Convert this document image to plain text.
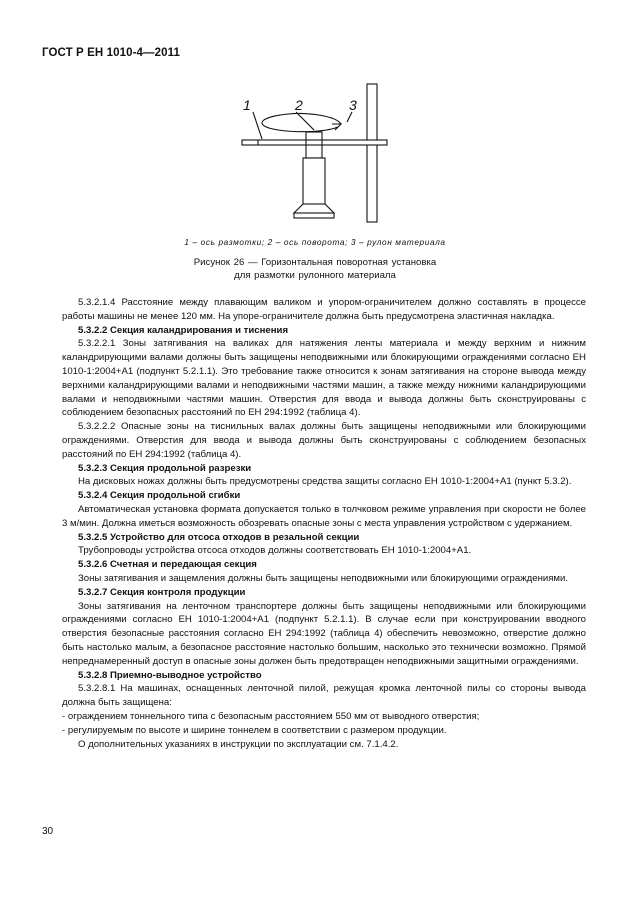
ГОСТ Р ЕН 1010-4—2011
1	2	3
1 – ось размотки; 2 – ось поворота; 3 – рулон материала
Рисунок 26 — Горизонтальная поворотная установка
для размотки рулонного материала

5.3.2.1.4 Расстояние между плавающим валиком и упором-ограничителем должно составлять в процессе работы машины не менее 120 мм. На упоре-ограничителе должна быть предусмотрена эластичная накладка.

5.3.2.2 Секция каландрирования и тиснения

5.3.2.2.1 Зоны затягивания на валиках для натяжения ленты материала и между верхним и нижним каландрирующими валами должны быть защищены неподвижными или блокирующими ограждениями согласно ЕН 1010-1:2004+A1 (подпункт 5.2.1.1). Это требование также относится к зонам затягивания на стороне вывода между верхними каландрирующими валами и неподвижными частями машин, а также между нижними каландрирующими валами и неподвижными частями машин. Отверстия для ввода и вывода должны быть сконструированы с соблюдением безопасных расстояний по ЕН 294:1992 (таблица 4).

5.3.2.2.2 Опасные зоны на тиснильных валах должны быть защищены неподвижными или блокирующими ограждениями. Отверстия для ввода и вывода должны быть сконструированы с соблюдением безопасных расстояний по ЕН 294:1992 (таблица 4).

5.3.2.3 Секция продольной разрезки

На дисковых ножах должны быть предусмотрены средства защиты согласно ЕН 1010-1:2004+A1 (пункт 5.3.2).

5.3.2.4 Секция продольной сгибки

Автоматическая установка формата допускается только в толчковом режиме управления при скорости не более 3 м/мин. Должна иметься возможность обозревать опасные зоны с места управления устройством с удержанием.

5.3.2.5 Устройство для отсоса отходов в резальной секции

Трубопроводы устройства отсоса отходов должны соответствовать ЕН 1010-1:2004+A1.

5.3.2.6 Счетная и передающая секция

Зоны затягивания и защемления должны быть защищены неподвижными или блокирующими ограждениями.

5.3.2.7 Секция контроля продукции

Зоны затягивания на ленточном транспортере должны быть защищены неподвижными или блокирующими ограждениями согласно ЕН 1010-1:2004+A1 (подпункт 5.2.1.1). В случае если при конструировании вводного отверстия безопасные расстояния согласно ЕН 294:1992 (таблица 4) обеспечить невозможно, отверстие должно быть настолько малым, а безопасное расстояние настолько большим, насколько это технически возможно. Прямой непреднамеренный доступ в опасные зоны должен быть предотвращен неподвижными защитными ограждениями.

5.3.2.8 Приемно-выводное устройство

5.3.2.8.1 На машинах, оснащенных ленточной пилой, режущая кромка ленточной пилы со стороны вывода должна быть защищена:

- ограждением тоннельного типа с безопасным расстоянием 550 мм от выводного отверстия;

- регулируемым по высоте и ширине тоннелем в соответствии с размером продукции.

О дополнительных указаниях в инструкции по эксплуатации см. 7.1.4.2.

30
